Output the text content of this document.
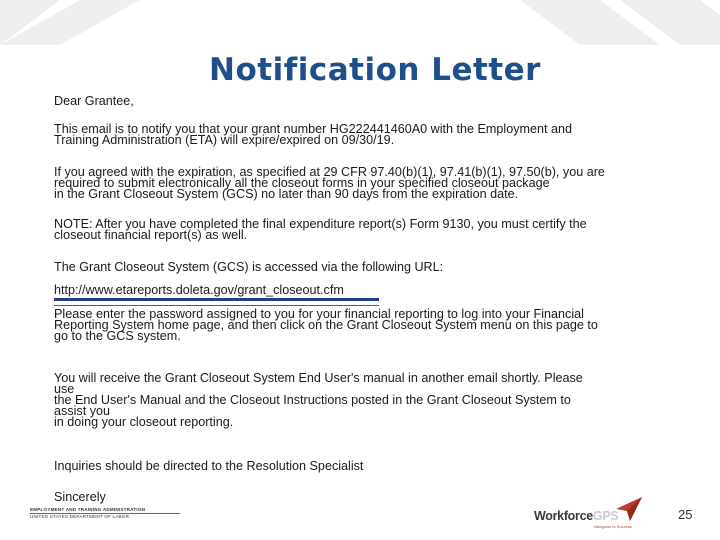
Notification Letter
Dear Grantee,
This email is to notify you that your grant number HG222441460A0 with the Employment and
Training Administration (ETA) will expire/expired on 09/30/19.
If you agreed with the expiration, as specified at 29 CFR 97.40(b)(1), 97.41(b)(1), 97.50(b), you are
required to submit electronically all the closeout forms in your specified closeout package
in the Grant Closeout System (GCS) no later than 90 days from the expiration date.
NOTE: After you have completed the final expenditure report(s) Form 9130, you must certify the
closeout financial report(s) as well.
The Grant Closeout System (GCS) is accessed via the following URL:
http://www.etareports.doleta.gov/grant_closeout.cfm
Please enter the password assigned to you for your financial reporting to log into your Financial
Reporting System home page, and then click on the Grant Closeout System menu on this page to
go to the GCS system.
You will receive the Grant Closeout System End User's manual in another email shortly. Please
use
the End User's Manual and the Closeout Instructions posted in the Grant Closeout System to
assist you
in doing your closeout reporting.
Inquiries should be directed to the Resolution Specialist
Sincerely
EMPLOYMENT AND TRAINING ADMINISTRATION
UNITED STATES DEPARTMENT OF LABOR	WorkforceGPS
Navigator to Success
25
